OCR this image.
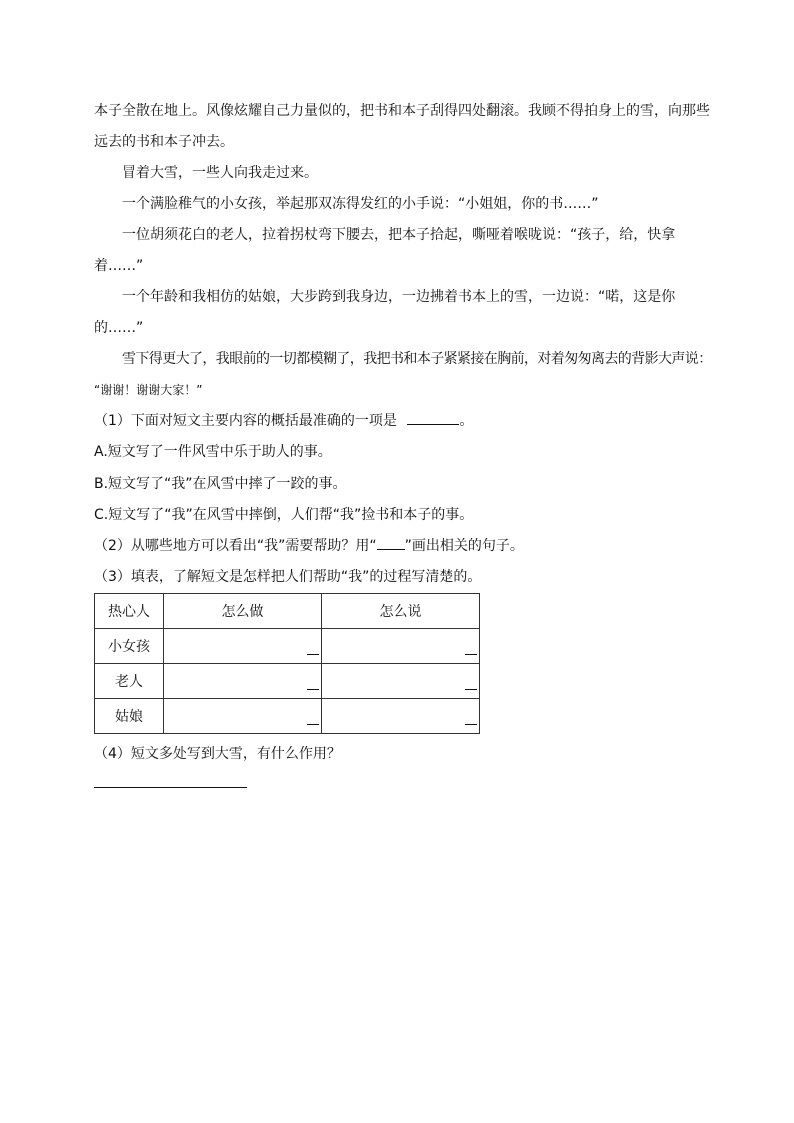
本子全散在地上。风像炫耀自己力量似的，把书和本子刮得四处翻滚。我顾不得拍身上的雪，向那些远去的书和本子冲去。

冒着大雪，一些人向我走过来。

一个满脸稚气的小女孩，举起那双冻得发红的小手说：“小姐姐，你的书……”

一位胡须花白的老人，拉着拐杖弯下腰去，把本子拾起，嘶哑着喉咙说：“孩子，给，快拿着……”

一个年龄和我相仿的姑娘，大步跨到我身边，一边拂着书本上的雪，一边说：“喏，这是你的……”

雪下得更大了，我眼前的一切都模糊了，我把书和本子紧紧接在胸前，对着匆匆离去的背影大声说：

“谢谢！谢谢大家！”

（1）下面对短文主要内容的概括最准确的一项是	。

A.短文写了一件风雪中乐于助人的事。

B.短文写了“我”在风雪中摔了一跤的事。

C.短文写了“我”在风雪中摔倒，人们帮“我”捡书和本子的事。

（2）从哪些地方可以看出“我”需要帮助？用“ ”画出相关的句子。

（3）填表，了解短文是怎样把人们帮助“我”的过程写清楚的。

热心人	怎么做	怎么说
小女孩	

老人	

姑娘	

（4）短文多处写到大雪，有什么作用？
